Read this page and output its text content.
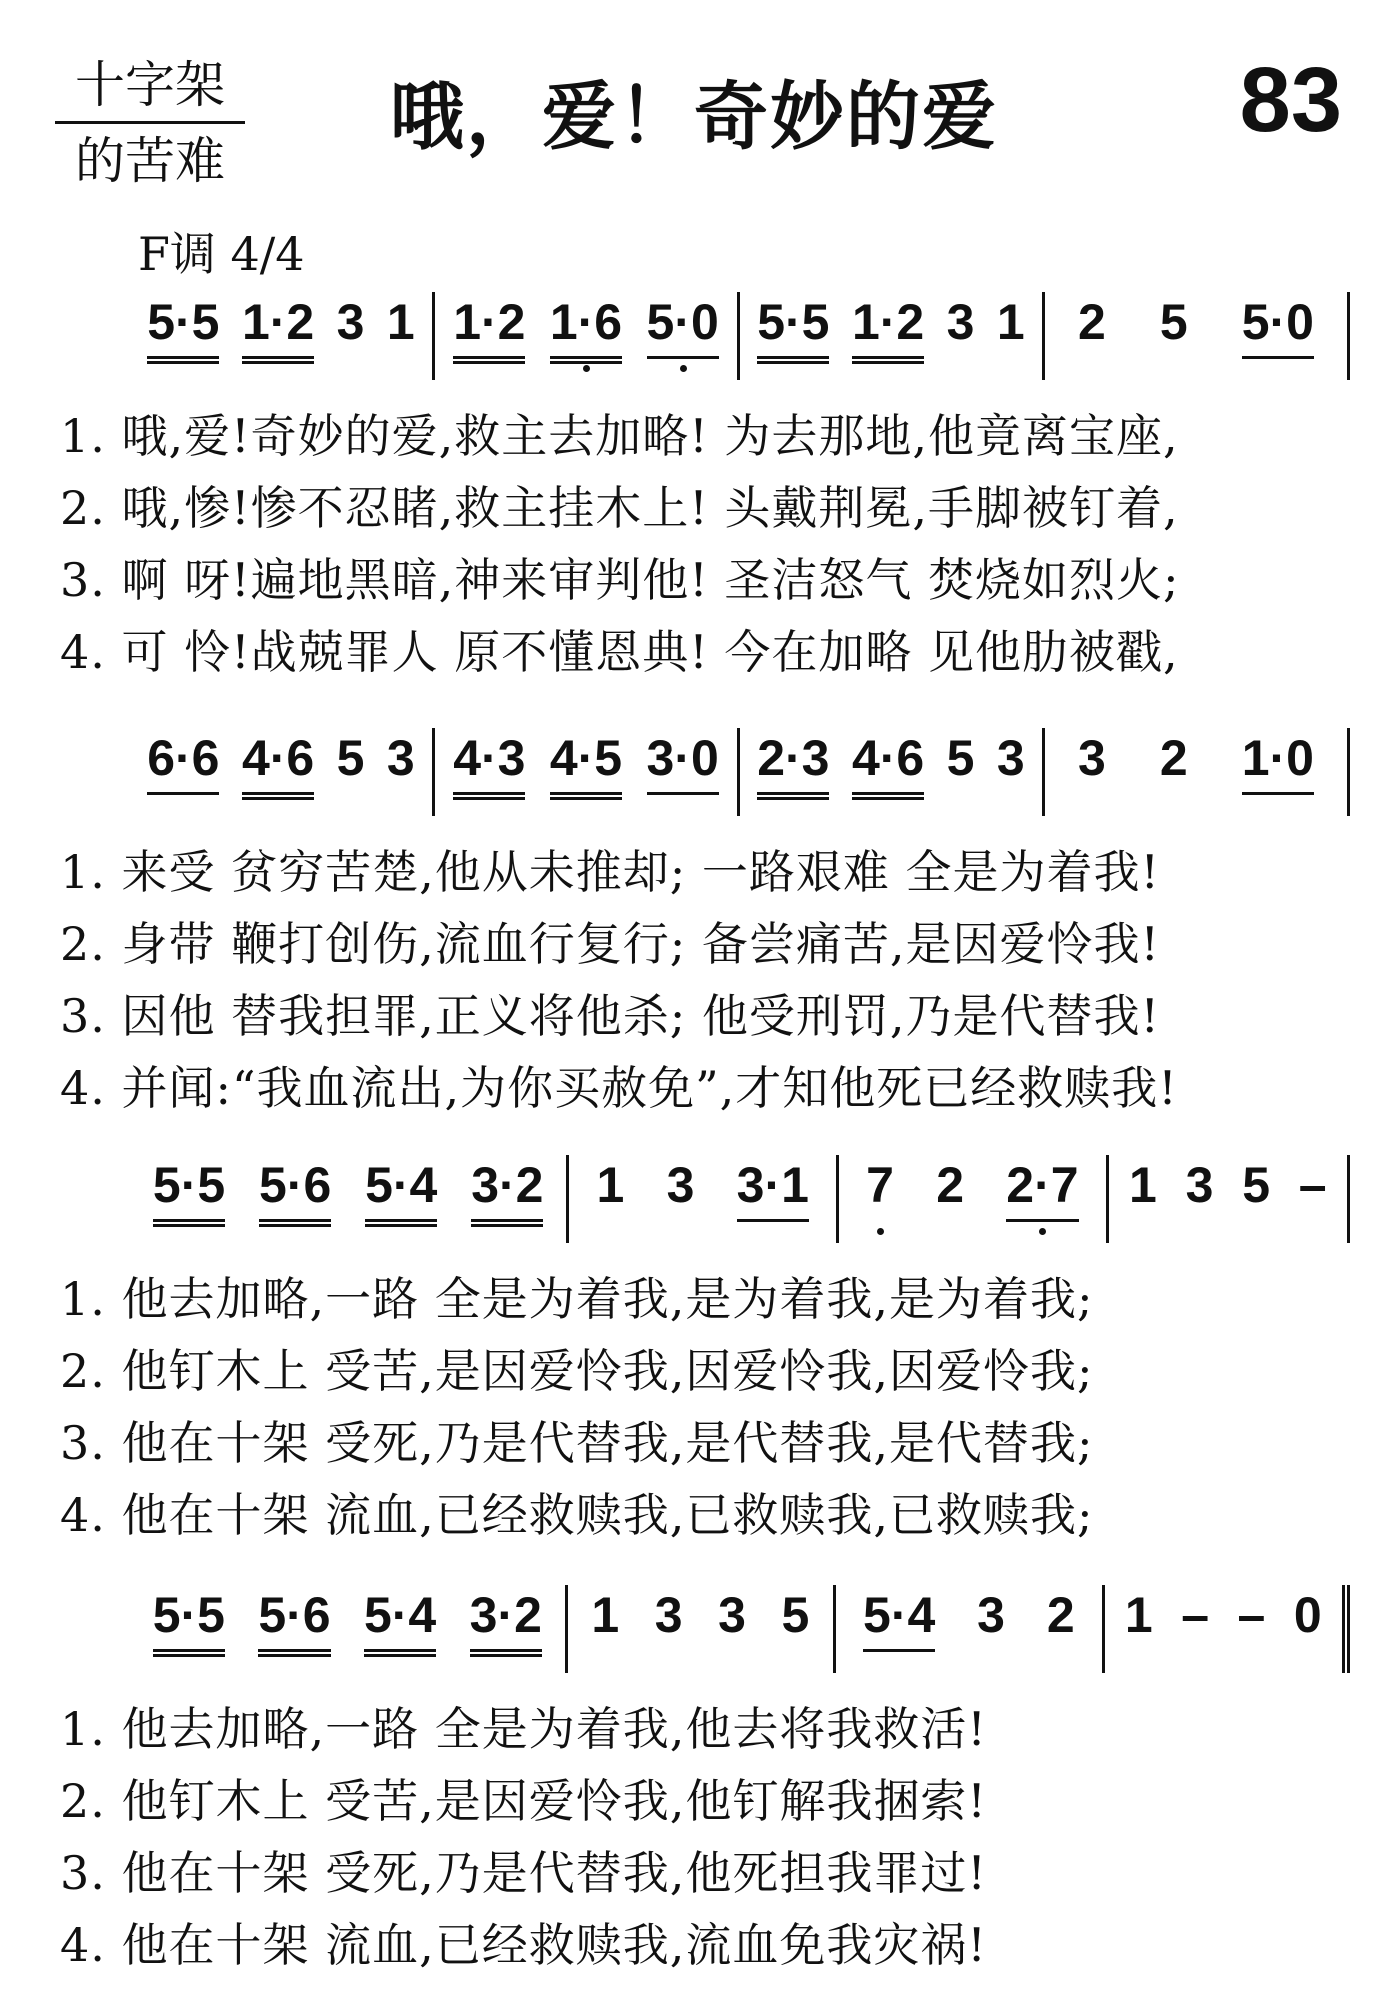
十字架
的苦难
哦，爱！奇妙的爱	83
F调 4/4
5·5 1·2 3 1 1·2 1·6 5·0 5·5 1·2 3 1 2 5 5·0
1. 哦,爱!奇妙的爱,救主去加略! 为去那地,他竟离宝座,
2. 哦,惨!惨不忍睹,救主挂木上! 头戴荆冕,手脚被钉着,
3. 啊 呀!遍地黑暗,神来审判他! 圣洁怒气 焚烧如烈火;
4. 可 怜!战兢罪人 原不懂恩典! 今在加略 见他肋被戳,
6·6 4·6 5 3 4·3 4·5 3·0 2·3 4·6 5 3 3 2 1·0
1. 来受 贫穷苦楚,他从未推却; 一路艰难 全是为着我!
2. 身带 鞭打创伤,流血行复行; 备尝痛苦,是因爱怜我!
3. 因他 替我担罪,正义将他杀; 他受刑罚,乃是代替我!
4. 并闻:“我血流出,为你买赦免”,才知他死已经救赎我!
5·5 5·6 5·4 3·2 1 3 3·1 7 2 2·7 1 3 5 –
1. 他去加略,一路 全是为着我,是为着我,是为着我;
2. 他钉木上 受苦,是因爱怜我,因爱怜我,因爱怜我;
3. 他在十架 受死,乃是代替我,是代替我,是代替我;
4. 他在十架 流血,已经救赎我,已救赎我,已救赎我;
5·5 5·6 5·4 3·2 1 3 3 5 5·4 3 2 1 – – 0
1. 他去加略,一路 全是为着我,他去将我救活!
2. 他钉木上 受苦,是因爱怜我,他钉解我捆索!
3. 他在十架 受死,乃是代替我,他死担我罪过!
4. 他在十架 流血,已经救赎我,流血免我灾祸!
